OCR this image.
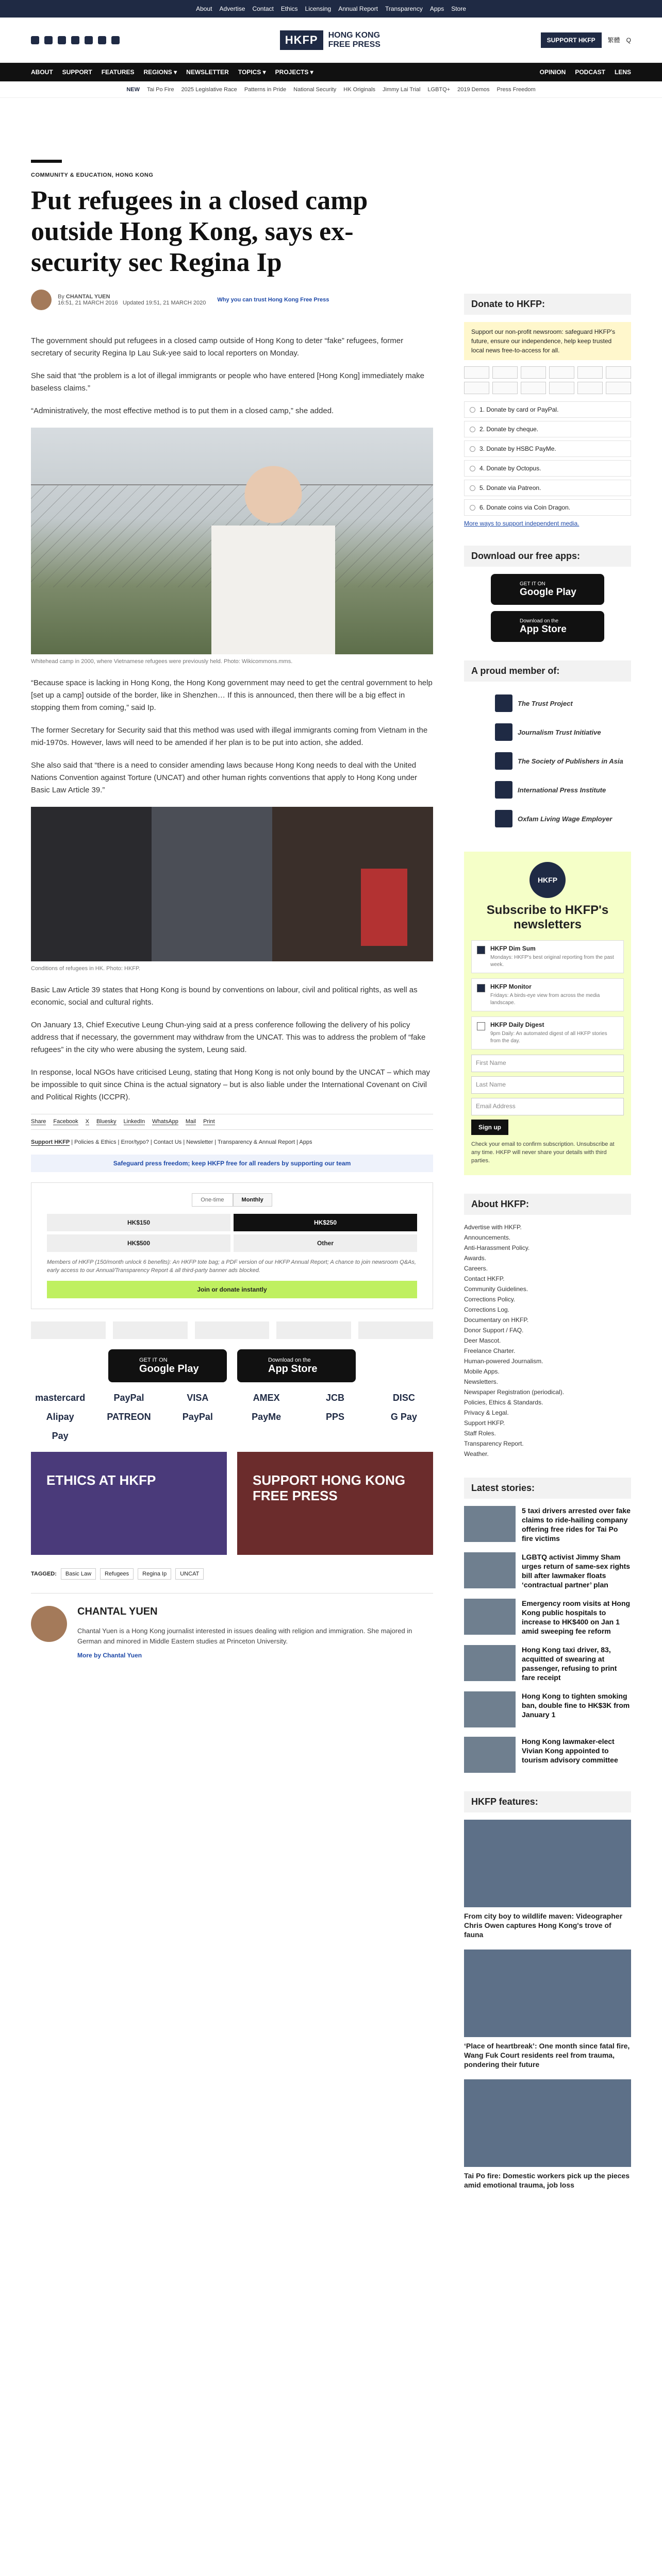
About Advertise Contact Ethics Licensing Annual Report Transparency Apps Store
HKFP	HONG KONG
FREE PRESS	SUPPORT HKFP	繁體 Q
ABOUT SUPPORT FEATURES REGIONS ▾ NEWSLETTER TOPICS ▾ PROJECTS ▾	OPINION PODCAST LENS
NEW Tai Po Fire 2025 Legislative Race Patterns in Pride National Security HK Originals Jimmy Lai Trial LGBTQ+ 2019 Demos Press Freedom
COMMUNITY & EDUCATION, HONG KONG
Put refugees in a closed camp outside Hong Kong, says ex-security sec Regina Ip
By CHANTAL YUEN
16:51, 21 MARCH 2016 Updated 19:51, 21 MARCH 2020 Why you can trust Hong Kong Free Press

The government should put refugees in a closed camp outside of Hong Kong to deter “fake” refugees, former secretary of security Regina Ip Lau Suk-yee said to local reporters on Monday.

She said that “the problem is a lot of illegal immigrants or people who have entered [Hong Kong] immediately make baseless claims.”

“Administratively, the most effective method is to put them in a closed camp,” she added.

Whitehead camp in 2000, where Vietnamese refugees were previously held. Photo: Wikicommons.mms.

“Because space is lacking in Hong Kong, the Hong Kong government may need to get the central government to help [set up a camp] outside of the border, like in Shenzhen… If this is announced, then there will be a big effect in stopping them from coming,” said Ip.

The former Secretary for Security said that this method was used with illegal immigrants coming from Vietnam in the mid-1970s. However, laws will need to be amended if her plan is to be put into action, she added.

She also said that “there is a need to consider amending laws because Hong Kong needs to deal with the United Nations Convention against Torture (UNCAT) and other human rights conventions that apply to Hong Kong under Basic Law Article 39.”

Conditions of refugees in HK. Photo: HKFP.

Basic Law Article 39 states that Hong Kong is bound by conventions on labour, civil and political rights, as well as economic, social and cultural rights.

On January 13, Chief Executive Leung Chun-ying said at a press conference following the delivery of his policy address that if necessary, the government may withdraw from the UNCAT. This was to address the problem of “fake refugees” in the city who were abusing the system, Leung said.

In response, local NGOs have criticised Leung, stating that Hong Kong is not only bound by the UNCAT – which may be impossible to quit since China is the actual signatory – but is also liable under the International Covenant on Civil and Political Rights (ICCPR).

Share Facebook X Bluesky LinkedIn WhatsApp Mail Print
Support HKFP | Policies & Ethics | Error/typo? | Contact Us | Newsletter | Transparency & Annual Report | Apps
Safeguard press freedom; keep HKFP free for all readers by supporting our team
One-time	Monthly
HK$150	HK$250
HK$500	Other
Members of HKFP (150/month unlock 6 benefits): An HKFP tote bag; a PDF version of our HKFP Annual Report; A chance to join newsroom Q&As, early access to our Annual/Transparency Report & all third-party banner ads blocked.
Join or donate instantly
GET IT ON
Google Play
Download on the
App Store
mastercard	PayPal	VISA	AMEX	JCB	DISC
Alipay	PATREON	PayPal	PayMe	PPS	G Pay
Pay
ETHICS AT HKFP	SUPPORT HONG KONG FREE PRESS
TAGGED:	Basic Law	Refugees	Regina Ip	UNCAT
CHANTAL YUEN

Chantal Yuen is a Hong Kong journalist interested in issues dealing with religion and immigration. She majored in German and minored in Middle Eastern studies at Princeton University.

More by Chantal Yuen
Donate to HKFP:
Support our non-profit newsroom: safeguard HKFP's future, ensure our independence, help keep trusted local news free-to-access for all.
1. Donate by card or PayPal.
2. Donate by cheque.
3. Donate by HSBC PayMe.
4. Donate by Octopus.
5. Donate via Patreon.
6. Donate coins via Coin Dragon.
More ways to support independent media.
Download our free apps:
GET IT ON
Google Play
Download on the
App Store
A proud member of:
The Trust Project
Journalism Trust Initiative
The Society of Publishers in Asia
International Press Institute
Oxfam Living Wage Employer
HKFP
Subscribe to HKFP's newsletters
HKFP Dim Sum
Mondays: HKFP's best original reporting from the past week.
HKFP Monitor
Fridays: A birds-eye view from across the media landscape.
HKFP Daily Digest
9pm Daily: An automated digest of all HKFP stories from the day.
First Name
Last Name
Email Address
Sign up
Check your email to confirm subscription. Unsubscribe at any time. HKFP will never share your details with third parties.
About HKFP:
Advertise with HKFP.
Announcements.
Anti-Harassment Policy.
Awards.
Careers.
Contact HKFP.
Community Guidelines.
Corrections Policy.
Corrections Log.
Documentary on HKFP.
Donor Support / FAQ.
Deer Mascot.
Freelance Charter.
Human-powered Journalism.
Mobile Apps.
Newsletters.
Newspaper Registration (periodical).
Policies, Ethics & Standards.
Privacy & Legal.
Support HKFP.
Staff Roles.
Transparency Report.
Weather.
Latest stories:
5 taxi drivers arrested over fake claims to ride-hailing company offering free rides for Tai Po fire victims
LGBTQ activist Jimmy Sham urges return of same-sex rights bill after lawmaker floats ‘contractual partner’ plan
Emergency room visits at Hong Kong public hospitals to increase to HK$400 on Jan 1 amid sweeping fee reform
Hong Kong taxi driver, 83, acquitted of swearing at passenger, refusing to print fare receipt
Hong Kong to tighten smoking ban, double fine to HK$3K from January 1
Hong Kong lawmaker-elect Vivian Kong appointed to tourism advisory committee
HKFP features:
From city boy to wildlife maven: Videographer Chris Owen captures Hong Kong's trove of fauna
‘Place of heartbreak’: One month since fatal fire, Wang Fuk Court residents reel from trauma, pondering their future
Tai Po fire: Domestic workers pick up the pieces amid emotional trauma, job loss
